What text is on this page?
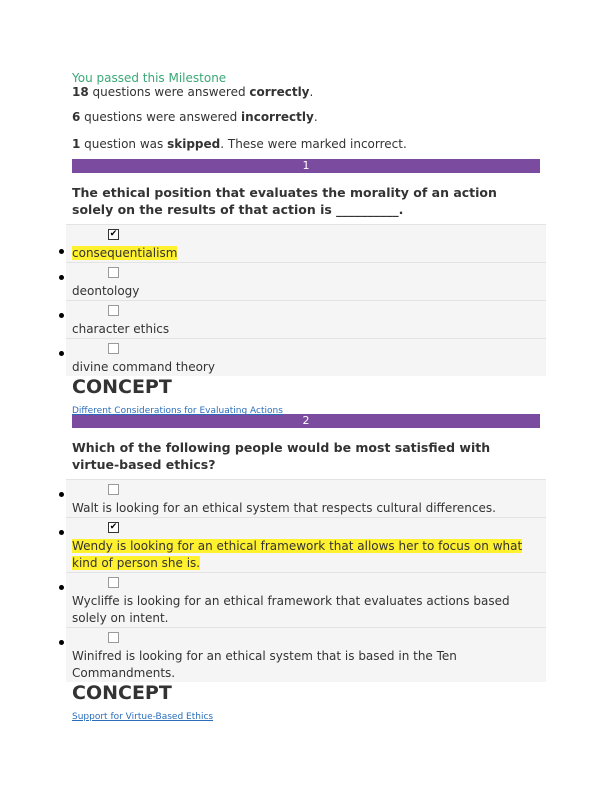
You passed this Milestone
18 questions were answered correctly.
6 questions were answered incorrectly.
1 question was skipped. These were marked incorrect.
1
The ethical position that evaluates the morality of an action solely on the results of that action is __________.
✔
consequentialism
deontology
character ethics
divine command theory
CONCEPT
Different Considerations for Evaluating Actions
2
Which of the following people would be most satisfied with virtue-based ethics?
Walt is looking for an ethical system that respects cultural differences.
✔
Wendy is looking for an ethical framework that allows her to focus on what kind of person she is.
Wycliffe is looking for an ethical framework that evaluates actions based solely on intent.
Winifred is looking for an ethical system that is based in the Ten Commandments.
CONCEPT
Support for Virtue-Based Ethics
